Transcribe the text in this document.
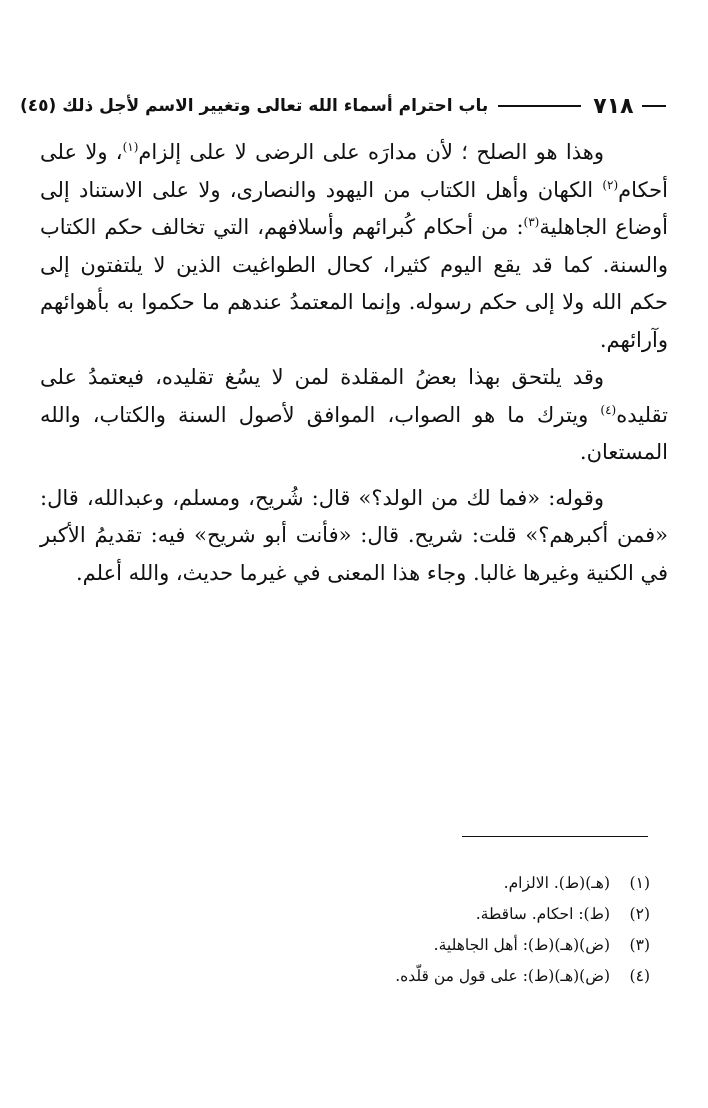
٧١٨
باب احترام أسماء الله تعالى وتغيير الاسم لأجل ذلك (٤٥)

وهذا هو الصلح ؛ لأن مدارَه على الرضى لا على إلزام$^{(١)}$، ولا على أحكام$^{(٢)}$ الكهان وأهل الكتاب من اليهود والنصارى، ولا على الاستناد إلى أوضاع الجاهلية$^{(٣)}$: من أحكام كُبرائهم وأسلافهم، التي تخالف حكم الكتاب والسنة. كما قد يقع اليوم كثيرا، كحال الطواغيت الذين لا يلتفتون إلى حكم الله ولا إلى حكم رسوله. وإنما المعتمدُ عندهم ما حكموا به بأهوائهم وآرائهم.

وقد يلتحق بهذا بعضُ المقلدة لمن لا يسُغ تقليده، فيعتمدُ على تقليده$^{(٤)}$ ويترك ما هو الصواب، الموافق لأصول السنة والكتاب، والله المستعان.

وقوله: «فما لك من الولد؟» قال: شُريح، ومسلم، وعبدالله، قال: «فمن أكبرهم؟» قلت: شريح. قال: «فأنت أبو شريح» فيه: تقديمُ الأكبر في الكنية وغيرها غالبا. وجاء هذا المعنى في غيرما حديث، والله أعلم.

(١)(هـ)(ط). الالزام.
(٢)(ط): احكام. ساقطة.
(٣)(ض)(هـ)(ط): أهل الجاهلية.
(٤)(ض)(هـ)(ط): على قول من قلّده.
